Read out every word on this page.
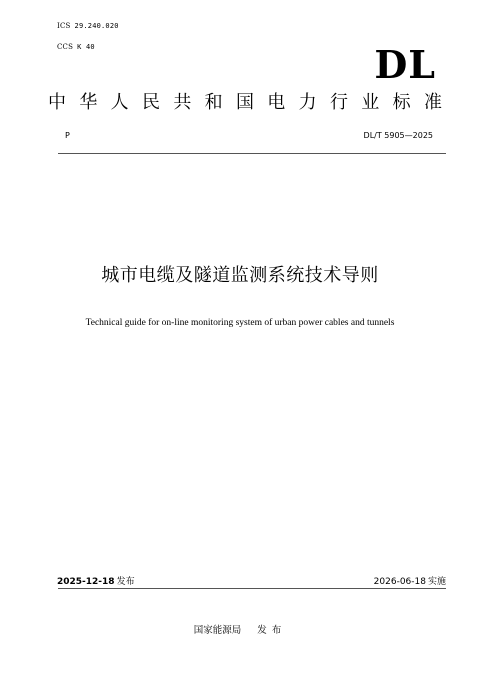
ICS 29.240.020
CCS K 40	DL
中 华 人 民 共 和 国 电 力 行 业 标 准
P	DL/T 5905—2025
城市电缆及隧道监测系统技术导则
Technical guide for on-line monitoring system of urban power cables and tunnels
2025-12-18 发布	2026-06-18 实施
国家能源局 发布
